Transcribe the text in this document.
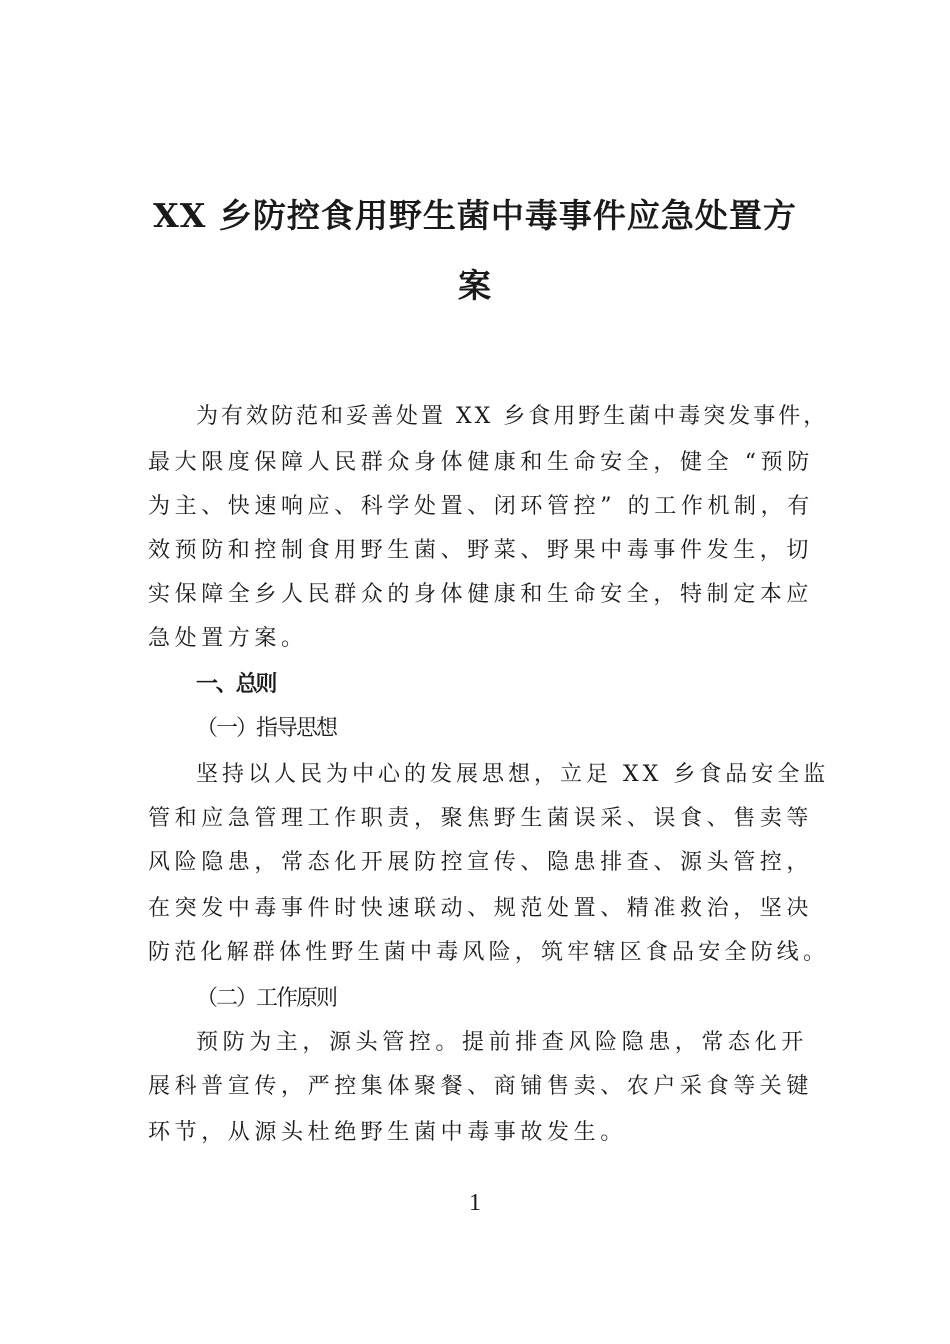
XX 乡防控食用野生菌中毒事件应急处置方
案
为有效防范和妥善处置 XX 乡食用野生菌中毒突发事件，
最大限度保障人民群众身体健康和生命安全，健全 “预防
为主、快速响应、科学处置、闭环管控” 的工作机制，有
效预防和控制食用野生菌、野菜、野果中毒事件发生，切
实保障全乡人民群众的身体健康和生命安全，特制定本应
急处置方案。
一、总则
（一）指导思想
坚持以人民为中心的发展思想，立足 XX 乡食品安全监
管和应急管理工作职责，聚焦野生菌误采、误食、售卖等
风险隐患，常态化开展防控宣传、隐患排查、源头管控，
在突发中毒事件时快速联动、规范处置、精准救治，坚决
防范化解群体性野生菌中毒风险，筑牢辖区食品安全防线。
（二）工作原则
预防为主，源头管控。提前排查风险隐患，常态化开
展科普宣传，严控集体聚餐、商铺售卖、农户采食等关键
环节，从源头杜绝野生菌中毒事故发生。
1
